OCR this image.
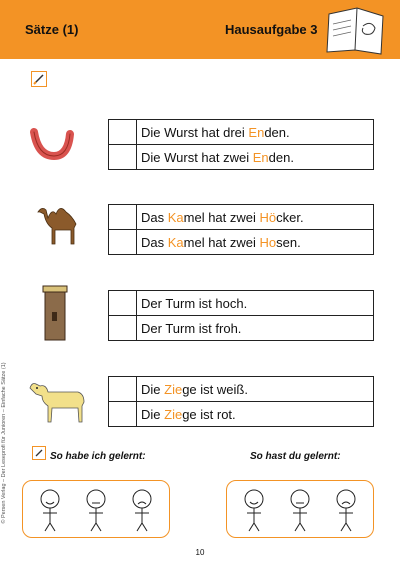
Sätze (1)	Hausaufgabe 3
	Die Wurst hat drei Enden.
	Die Wurst hat zwei Enden.
	Das Kamel hat zwei Höcker.
	Das Kamel hat zwei Hosen.
	Der Turm ist hoch.
	Der Turm ist froh.
	Die Ziege ist weiß.
	Die Ziege ist rot.
So habe ich gelernt:	So hast du gelernt:
© Persen Verlag – Der Leseprofi für Junioren – Einfache Sätze (1)
10
